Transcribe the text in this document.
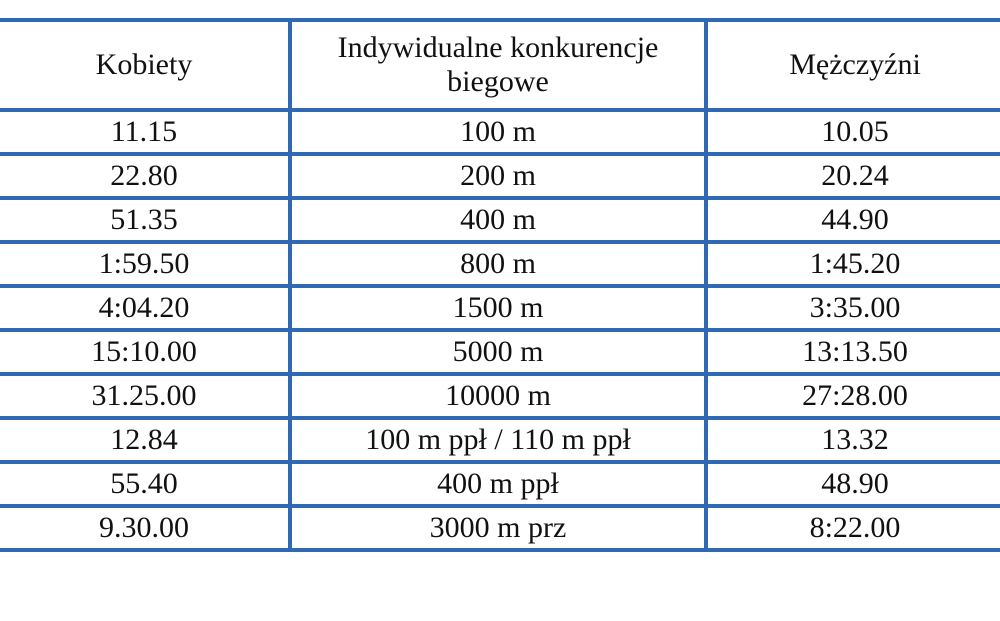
Kobiety	Indywidualne konkurencje biegowe	Mężczyźni
11.15	100 m	10.05
22.80	200 m	20.24
51.35	400 m	44.90
1:59.50	800 m	1:45.20
4:04.20	1500 m	3:35.00
15:10.00	5000 m	13:13.50
31.25.00	10000 m	27:28.00
12.84	100 m ppł / 110 m ppł	13.32
55.40	400 m ppł	48.90
9.30.00	3000 m prz	8:22.00
